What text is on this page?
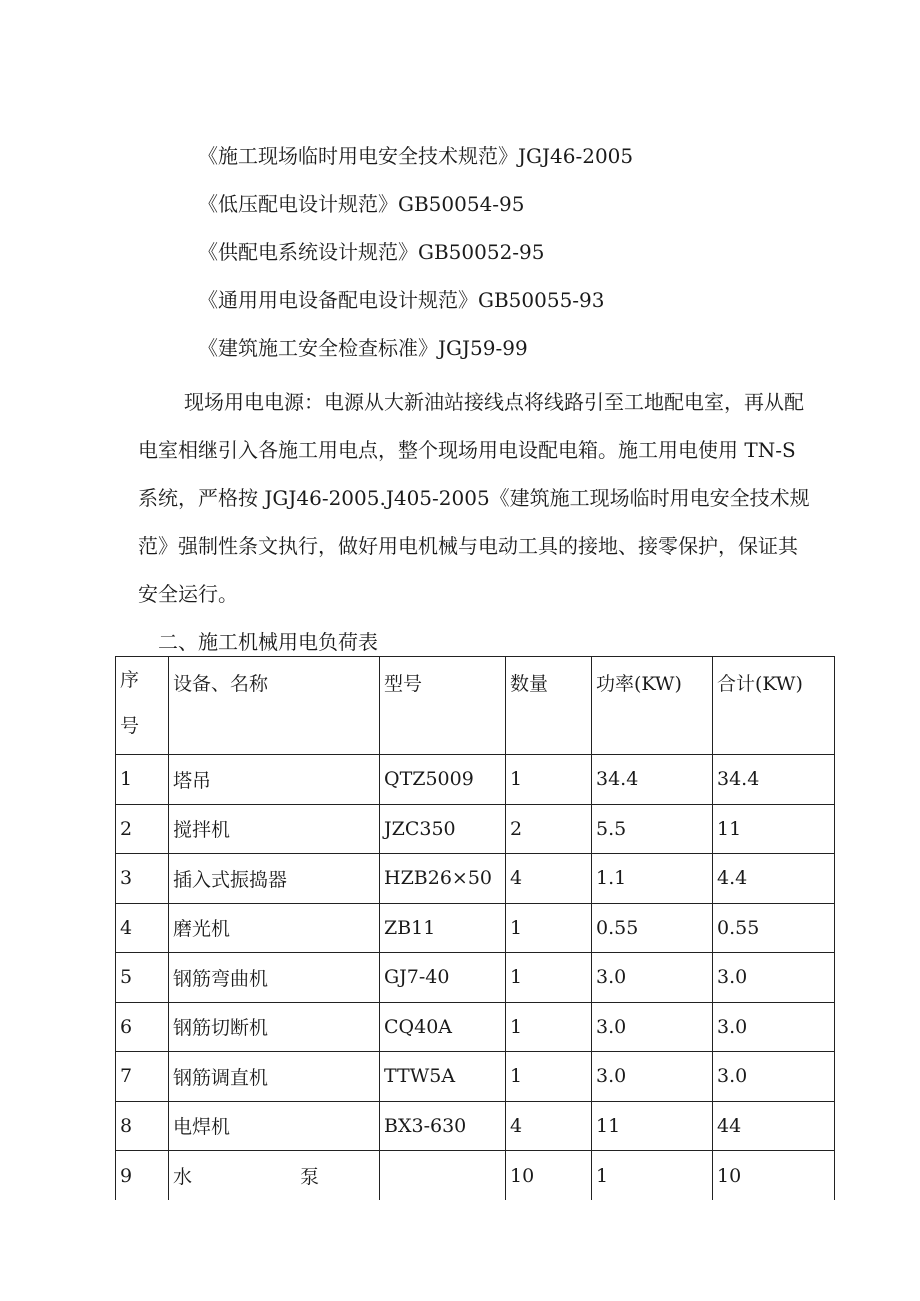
《施工现场临时用电安全技术规范》JGJ46-2005
《低压配电设计规范》GB50054-95
《供配电系统设计规范》GB50052-95
《通用用电设备配电设计规范》GB50055-93
《建筑施工安全检查标准》JGJ59-99

现场用电电源：电源从大新油站接线点将线路引至工地配电室，再从配

电室相继引入各施工用电点，整个现场用电设配电箱。施工用电使用 TN-S

系统，严格按 JGJ46-2005.J405-2005《建筑施工现场临时用电安全技术规

范》强制性条文执行，做好用电机械与电动工具的接地、接零保护，保证其

安全运行。

二、施工机械用电负荷表
序
号	设备、名称	型号	数量	功率(KW)	合计(KW)
1	塔吊	QTZ5009	1	34.4	34.4
2	搅拌机	JZC350	2	5.5	11
3	插入式振捣器	HZB26×50	4	1.1	4.4
4	磨光机	ZB11	1	0.55	0.55
5	钢筋弯曲机	GJ7-40	1	3.0	3.0
6	钢筋切断机	CQ40A	1	3.0	3.0
7	钢筋调直机	TTW5A	1	3.0	3.0
8	电焊机	BX3-630	4	11	44
9	水 泵		10	1	10
